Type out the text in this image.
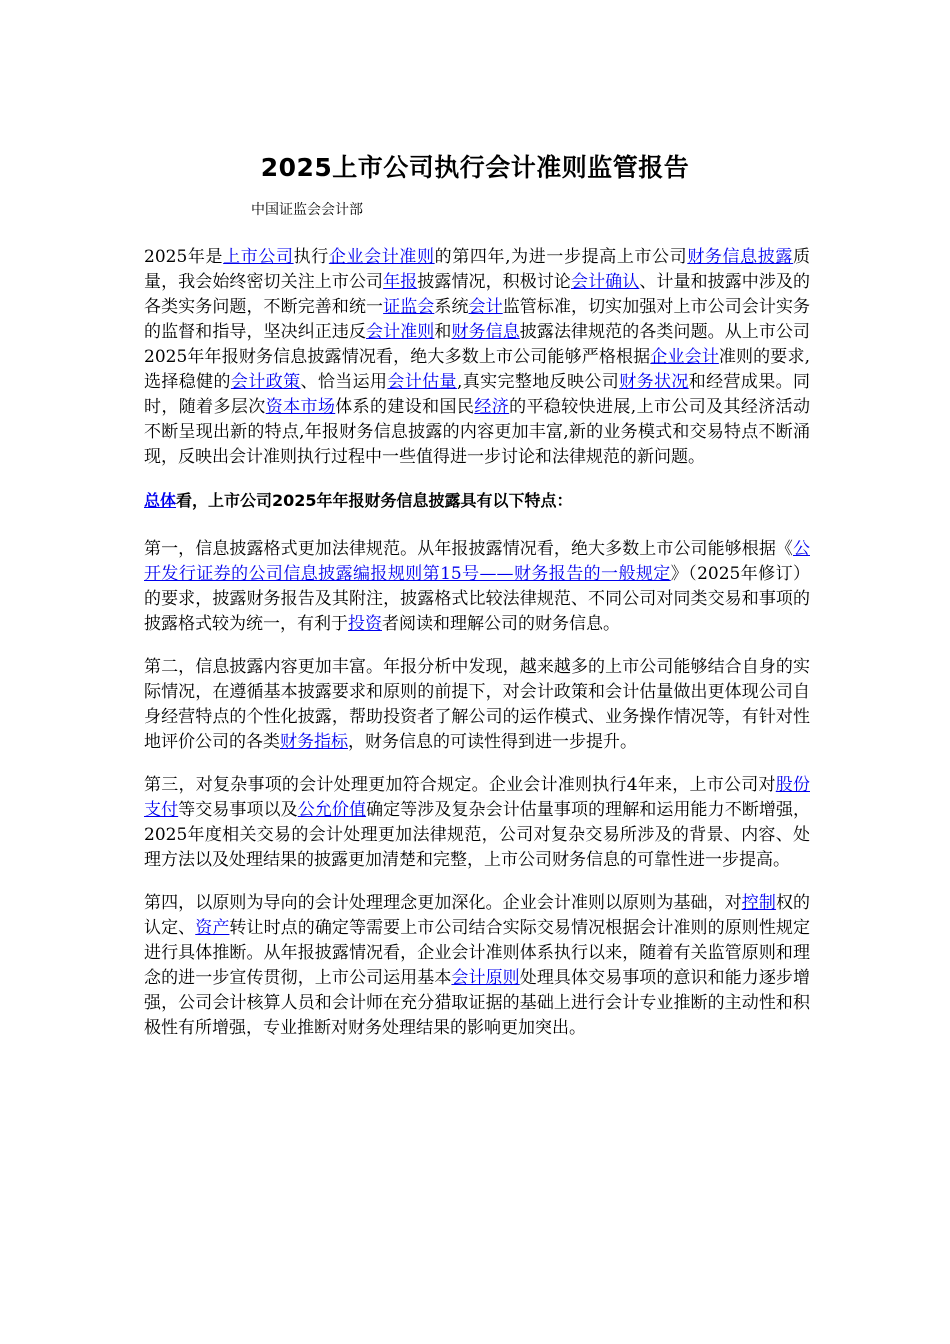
2025上市公司执行会计准则监管报告
中国证监会会计部

2025年是上市公司执行企业会计准则的第四年,为进一步提高上市公司财务信息披露质量，我会始终密切关注上市公司年报披露情况，积极讨论会计确认、计量和披露中涉及的各类实务问题，不断完善和统一证监会系统会计监管标准，切实加强对上市公司会计实务的监督和指导，坚决纠正违反会计准则和财务信息披露法律规范的各类问题。从上市公司2025年年报财务信息披露情况看，绝大多数上市公司能够严格根据企业会计准则的要求,选择稳健的会计政策、恰当运用会计估量,真实完整地反映公司财务状况和经营成果。同时，随着多层次资本市场体系的建设和国民经济的平稳较快进展,上市公司及其经济活动不断呈现出新的特点,年报财务信息披露的内容更加丰富,新的业务模式和交易特点不断涌现，反映出会计准则执行过程中一些值得进一步讨论和法律规范的新问题。

总体看，上市公司2025年年报财务信息披露具有以下特点：

第一，信息披露格式更加法律规范。从年报披露情况看，绝大多数上市公司能够根据《公开发行证券的公司信息披露编报规则第15号——财务报告的一般规定》（2025年修订）的要求，披露财务报告及其附注，披露格式比较法律规范、不同公司对同类交易和事项的披露格式较为统一，有利于投资者阅读和理解公司的财务信息。

第二，信息披露内容更加丰富。年报分析中发现，越来越多的上市公司能够结合自身的实际情况，在遵循基本披露要求和原则的前提下，对会计政策和会计估量做出更体现公司自身经营特点的个性化披露，帮助投资者了解公司的运作模式、业务操作情况等，有针对性地评价公司的各类财务指标，财务信息的可读性得到进一步提升。

第三，对复杂事项的会计处理更加符合规定。企业会计准则执行4年来，上市公司对股份支付等交易事项以及公允价值确定等涉及复杂会计估量事项的理解和运用能力不断增强，2025年度相关交易的会计处理更加法律规范，公司对复杂交易所涉及的背景、内容、处理方法以及处理结果的披露更加清楚和完整，上市公司财务信息的可靠性进一步提高。

第四，以原则为导向的会计处理理念更加深化。企业会计准则以原则为基础，对控制权的认定、资产转让时点的确定等需要上市公司结合实际交易情况根据会计准则的原则性规定进行具体推断。从年报披露情况看，企业会计准则体系执行以来，随着有关监管原则和理念的进一步宣传贯彻，上市公司运用基本会计原则处理具体交易事项的意识和能力逐步增强，公司会计核算人员和会计师在充分猎取证据的基础上进行会计专业推断的主动性和积极性有所增强，专业推断对财务处理结果的影响更加突出。
